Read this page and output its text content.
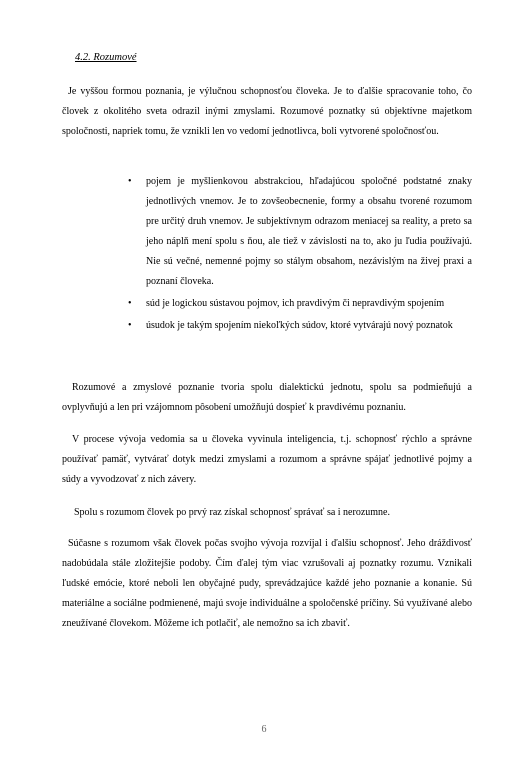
4.2. Rozumové
Je vyššou formou poznania, je výlučnou schopnosťou človeka. Je to ďalšie spracovanie toho, čo človek z okolitého sveta odrazil inými zmyslami. Rozumové poznatky sú objektívne majetkom spoločnosti, napriek tomu, že vznikli len vo vedomí jednotlivca, boli vytvorené spoločnosťou.
• pojem je myšlienkovou abstrakciou, hľadajúcou spoločné podstatné znaky jednotlivých vnemov. Je to zovšeobecnenie, formy a obsahu tvorené rozumom pre určitý druh vnemov. Je subjektívnym odrazom meniacej sa reality, a preto sa jeho náplň mení spolu s ňou, ale tiež v závislosti na to, ako ju ľudia používajú. Nie sú večné, nemenné pojmy so stálym obsahom, nezávislým na živej praxi a poznaní človeka.
• súd je logickou sústavou pojmov, ich pravdivým či nepravdivým spojením
• úsudok je takým spojením niekoľkých súdov, ktoré vytvárajú nový poznatok
Rozumové a zmyslové poznanie tvoria spolu dialektickú jednotu, spolu sa podmieňujú a ovplyvňujú a len pri vzájomnom pôsobení umožňujú dospieť k pravdivému poznaniu.
V procese vývoja vedomia sa u človeka vyvinula inteligencia, t.j. schopnosť rýchlo a správne používať pamäť, vytvárať dotyk medzi zmyslami a rozumom a správne spájať jednotlivé pojmy a súdy a vyvodzovať z nich závery.
Spolu s rozumom človek po prvý raz získal schopnosť správať sa i nerozumne.
Súčasne s rozumom však človek počas svojho vývoja rozvíjal i ďalšiu schopnosť. Jeho dráždivosť nadobúdala stále zložitejšie podoby. Čím ďalej tým viac vzrušovali aj poznatky rozumu. Vznikali ľudské emócie, ktoré neboli len obyčajné pudy, sprevádzajúce každé jeho poznanie a konanie. Sú materiálne a sociálne podmienené, majú svoje individuálne a spoločenské príčiny. Sú využívané alebo zneužívané človekom. Môžeme ich potlačiť, ale nemožno sa ich zbaviť.
6
